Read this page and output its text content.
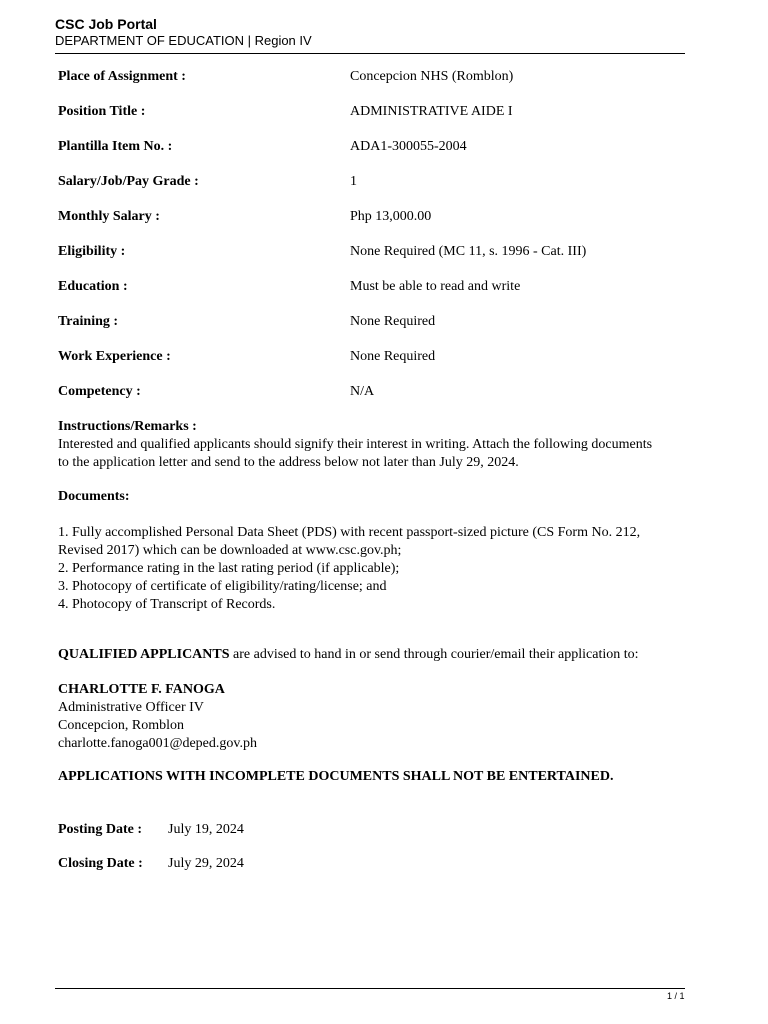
CSC Job Portal
DEPARTMENT OF EDUCATION | Region IV
Place of Assignment :	Concepcion NHS (Romblon)
Position Title :	ADMINISTRATIVE AIDE I
Plantilla Item No. :	ADA1-300055-2004
Salary/Job/Pay Grade :	1
Monthly Salary :	Php 13,000.00
Eligibility :	None Required (MC 11, s. 1996 - Cat. III)
Education :	Must be able to read and write
Training :	None Required
Work Experience :	None Required
Competency :	N/A
Instructions/Remarks :
Interested and qualified applicants should signify their interest in writing. Attach the following documents
to the application letter and send to the address below not later than July 29, 2024.
Documents:
1. Fully accomplished Personal Data Sheet (PDS) with recent passport-sized picture (CS Form No. 212,
Revised 2017) which can be downloaded at www.csc.gov.ph;
2. Performance rating in the last rating period (if applicable);
3. Photocopy of certificate of eligibility/rating/license; and
4. Photocopy of Transcript of Records.
QUALIFIED APPLICANTS are advised to hand in or send through courier/email their application to:
CHARLOTTE F. FANOGA
Administrative Officer IV
Concepcion, Romblon
charlotte.fanoga001@deped.gov.ph
APPLICATIONS WITH INCOMPLETE DOCUMENTS SHALL NOT BE ENTERTAINED.
Posting Date : July 19, 2024
Closing Date : July 29, 2024
1 / 1
